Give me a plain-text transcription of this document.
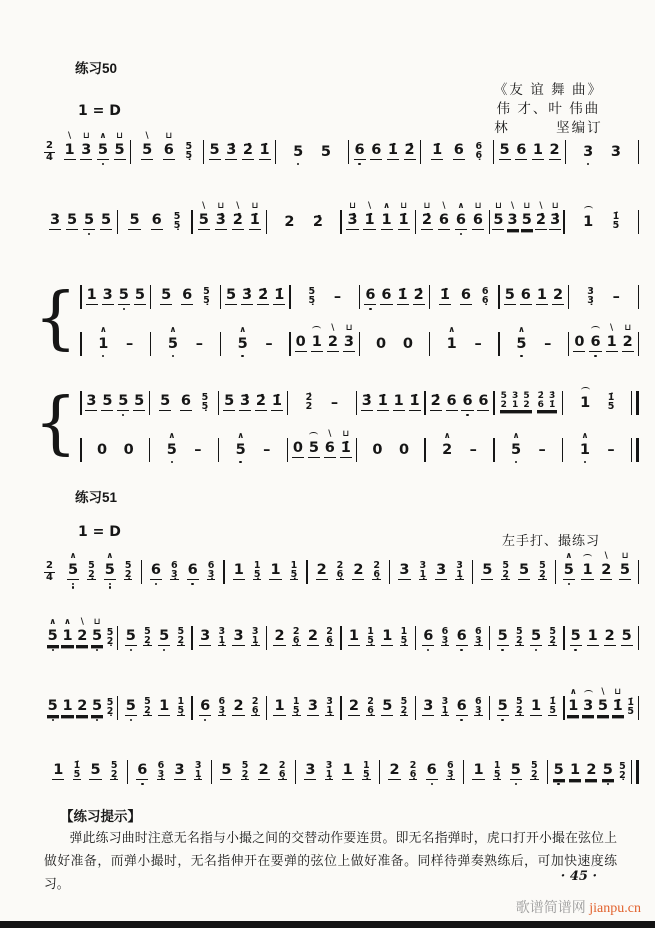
练习50
《友 谊 舞 曲》
伟 才、叶 伟曲
林　　　坚编订
1 = D
2
4
\
1
⊔
3
∧
5
⊔
5
\
5
⊔
6 5
5̣ 5 3̇ 2̇ 1̇ 5 5 6 6 1̇ 2̇ 1̇ 6 6
6̣ 5 6 1 2 3 3
3 5 5 5 5 6 5
5̣
\
5
⊔
3̇
\
2̇
⊔
1̇ 2 2̇
⊔
3̇
\
1̇
∧
1
⊔
1̇
⊔
2̇
\
6
∧
6
⊔
6
⊔
5
\
3
⊔
5
\
2̇
⊔
3̇ 1 1̇
5
{ 1 3 5 5 5 6 5
5̣ 5 3̇ 2̇ 1̇	5
5̣ – 6 6 1̇ 2̇ 1̇ 6 6
6̣ 5 6 1 2	3
3̣ –
∧
1 –
∧
5 –
∧
5 – 0 1
\
2
⊔
3 0 0
∧
1 –
∧
5 – 0 6
\
1
⊔
2
{ 3 5 5 5 5 6 5
5̣ 5 3̇ 2̇ 1̇ 2̇
2 – 3̇ 1̇ 1 1̇ 2̇ 6 6 6 5 3 5
2 1 2
2̇ 3̇
6 1̇ 1 1̇
5
0 0
∧
5 –
∧
5 – 0 5
\
6
⊔
1̇ 0 0
∧
2 –
∧
5 –
∧
1 –
练习51
1 = D
左手打、撮练习
2
4
∧
5 5
2̣
∧
5 5
2̣ 6 6
3̣ 6 6
3̣ 1 1
5̣ 1 1
5̣ 2 2
6̣ 2 2
6̣ 3 3
1̣ 3 3
1̣ 5 5
2̣ 5 5
2̣
∧
5 1
\
2
⊔
5
∧
5
∧
1
\
2
⊔
5 5
2̣ 5 5
2̣ 5 5
2̣ 3 3
1̣ 3 3
1̣ 2 2
6̣ 2 2
6̣ 1 1
5̣ 1 1
5̣ 6 6
3̣ 6 6
3̣ 5 5
2̣ 5 5
2̣ 5 1 2 5
5 1 2 5 5
2̣ 5 5
2̣ 1 1
5̣ 6 6
3̣ 2 2
6̣ 1 1
5̣ 3 3
1̣ 2 2
6̣ 5 5
2̣ 3 3
1̣ 6 6
3̣ 5 5
2̣ 1 1̇
5
∧
1 3
\
5
⊔
1̇ 1̇
5
1 1̇
5 5 5
2̣ 6 6
3̣ 3 3
1̣ 5 5
2̣ 2 2
6̣ 3 3
1̣ 1 1
5̣ 2 2
6̣ 6 6
3̣ 1 1
5̣ 5 5
2̣ 5 1 2 5 5
2̣
【练习提示】
弹此练习曲时注意无名指与小撮之间的交替动作要连贯。即无名指弹时，虎口打开小撮在弦位上做好准备，而弹小撮时，无名指伸开在要弹的弦位上做好准备。同样待弹奏熟练后，可加快速度练习。	· 45 ·
歌谱简谱网 jianpu.cn
